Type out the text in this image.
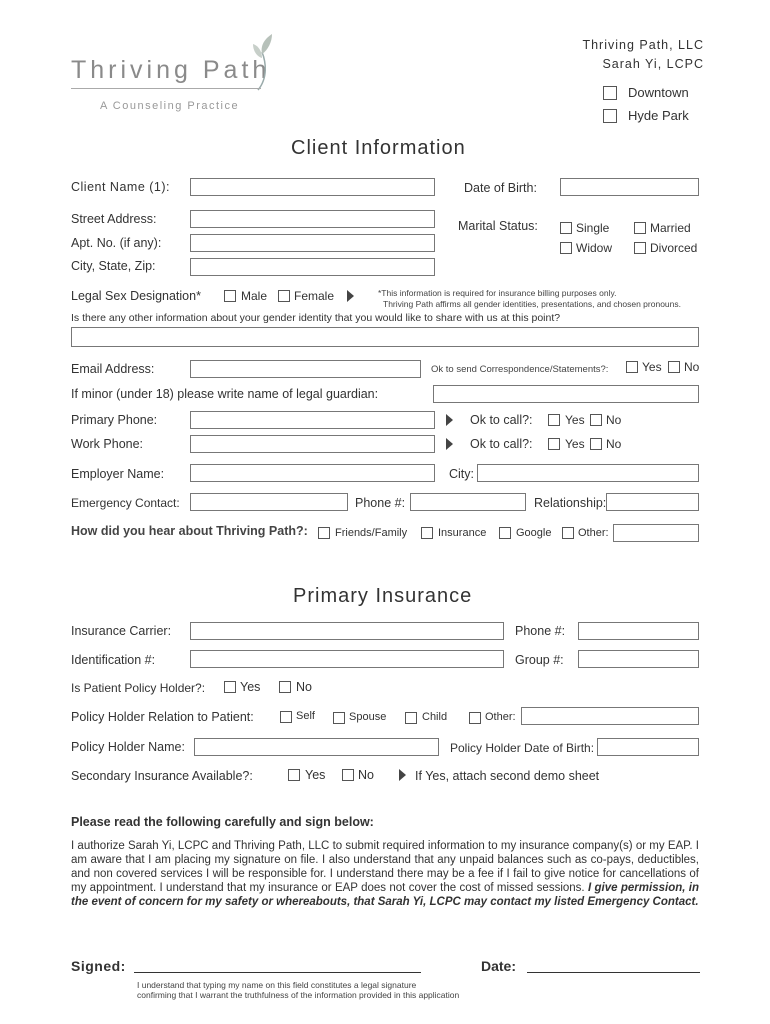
Thriving Path
A Counseling Practice
Thriving Path, LLC
Sarah Yi, LCPC
Downtown
Hyde Park
Client Information
Client Name (1):	Date of Birth:
Street Address:
Apt. No. (if any):
City, State, Zip:
Marital Status:	Single	Married
Widow	Divorced
Legal Sex Designation*	Male Female	*This information is required for insurance billing purposes only.
Thriving Path affirms all gender identities, presentations, and chosen pronouns.
Is there any other information about your gender identity that you would like to share with us at this point?
Email Address:	Ok to send Correspondence/Statements?:	Yes No
If minor (under 18) please write name of legal guardian:
Primary Phone:	Ok to call?:	Yes No
Work Phone:	Ok to call?:	Yes No
Employer Name:	City:
Emergency Contact:	Phone #:	Relationship:
How did you hear about Thriving Path?: Friends/Family	Insurance	Google Other:
Primary Insurance
Insurance Carrier:	Phone #:
Identification #:	Group #:
Is Patient Policy Holder?:	Yes	No
Policy Holder Relation to Patient:	Self	Spouse	Child	Other:
Policy Holder Name:	Policy Holder Date of Birth:
Secondary Insurance Available?:	Yes	No	If Yes, attach second demo sheet
Please read the following carefully and sign below:
I authorize Sarah Yi, LCPC and Thriving Path, LLC to submit required information to my insurance company(s) or my EAP. I am aware that I am placing my signature on file. I also understand that any unpaid balances such as co-pays, deductibles, and non covered services I will be responsible for. I understand there may be a fee if I fail to give notice for cancellations of my appointment. I understand that my insurance or EAP does not cover the cost of missed sessions. I give permission, in the event of concern for my safety or whereabouts, that Sarah Yi, LCPC may contact my listed Emergency Contact.
Signed:	Date:
I understand that typing my name on this field constitutes a legal signature
confirming that I warrant the truthfulness of the information provided in this application
